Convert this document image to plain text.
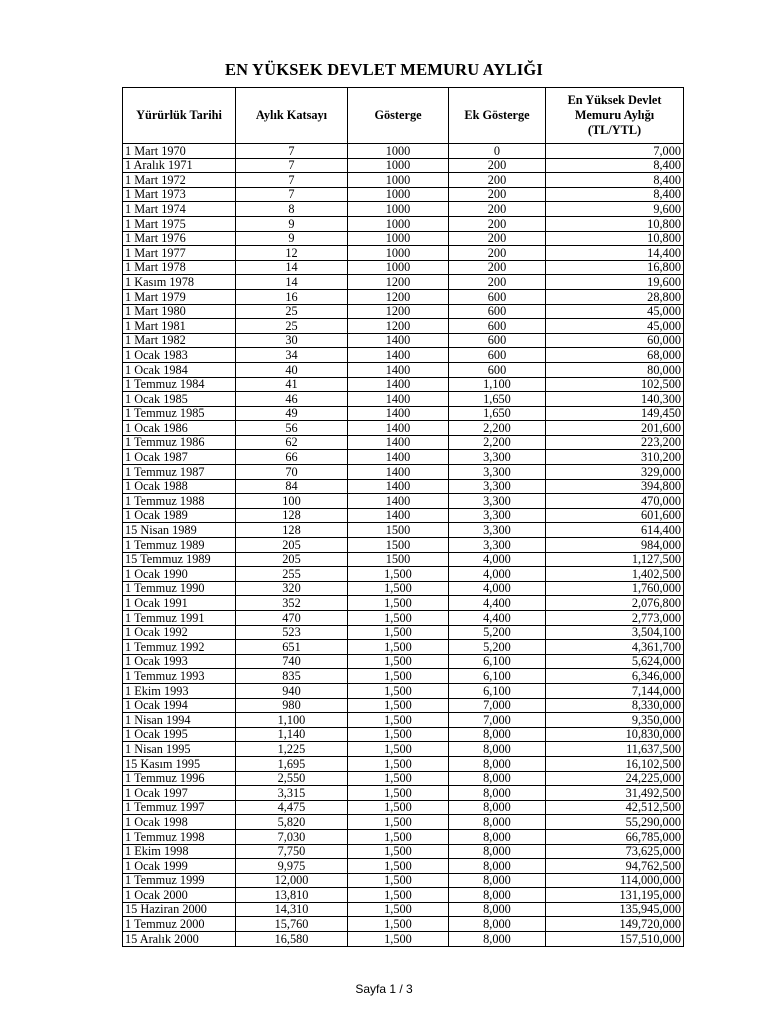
EN YÜKSEK DEVLET MEMURU AYLIĞI
Yürürlük Tarihi	Aylık Katsayı	Gösterge	Ek Gösterge	En Yüksek Devlet Memuru Aylığı (TL/YTL)
1 Mart 1970	7	1000	0	7,000
1 Aralık 1971	7	1000	200	8,400
1 Mart 1972	7	1000	200	8,400
1 Mart 1973	7	1000	200	8,400
1 Mart 1974	8	1000	200	9,600
1 Mart 1975	9	1000	200	10,800
1 Mart 1976	9	1000	200	10,800
1 Mart 1977	12	1000	200	14,400
1 Mart 1978	14	1000	200	16,800
1 Kasım 1978	14	1200	200	19,600
1 Mart 1979	16	1200	600	28,800
1 Mart 1980	25	1200	600	45,000
1 Mart 1981	25	1200	600	45,000
1 Mart 1982	30	1400	600	60,000
1 Ocak 1983	34	1400	600	68,000
1 Ocak 1984	40	1400	600	80,000
1 Temmuz 1984	41	1400	1,100	102,500
1 Ocak 1985	46	1400	1,650	140,300
1 Temmuz 1985	49	1400	1,650	149,450
1 Ocak 1986	56	1400	2,200	201,600
1 Temmuz 1986	62	1400	2,200	223,200
1 Ocak 1987	66	1400	3,300	310,200
1 Temmuz 1987	70	1400	3,300	329,000
1 Ocak 1988	84	1400	3,300	394,800
1 Temmuz 1988	100	1400	3,300	470,000
1 Ocak 1989	128	1400	3,300	601,600
15 Nisan 1989	128	1500	3,300	614,400
1 Temmuz 1989	205	1500	3,300	984,000
15 Temmuz 1989	205	1500	4,000	1,127,500
1 Ocak 1990	255	1,500	4,000	1,402,500
1 Temmuz 1990	320	1,500	4,000	1,760,000
1 Ocak 1991	352	1,500	4,400	2,076,800
1 Temmuz 1991	470	1,500	4,400	2,773,000
1 Ocak 1992	523	1,500	5,200	3,504,100
1 Temmuz 1992	651	1,500	5,200	4,361,700
1 Ocak 1993	740	1,500	6,100	5,624,000
1 Temmuz 1993	835	1,500	6,100	6,346,000
1 Ekim 1993	940	1,500	6,100	7,144,000
1 Ocak 1994	980	1,500	7,000	8,330,000
1 Nisan 1994	1,100	1,500	7,000	9,350,000
1 Ocak 1995	1,140	1,500	8,000	10,830,000
1 Nisan 1995	1,225	1,500	8,000	11,637,500
15 Kasım 1995	1,695	1,500	8,000	16,102,500
1 Temmuz 1996	2,550	1,500	8,000	24,225,000
1 Ocak 1997	3,315	1,500	8,000	31,492,500
1 Temmuz 1997	4,475	1,500	8,000	42,512,500
1 Ocak 1998	5,820	1,500	8,000	55,290,000
1 Temmuz 1998	7,030	1,500	8,000	66,785,000
1 Ekim 1998	7,750	1,500	8,000	73,625,000
1 Ocak 1999	9,975	1,500	8,000	94,762,500
1 Temmuz 1999	12,000	1,500	8,000	114,000,000
1 Ocak 2000	13,810	1,500	8,000	131,195,000
15 Haziran 2000	14,310	1,500	8,000	135,945,000
1 Temmuz 2000	15,760	1,500	8,000	149,720,000
15 Aralık 2000	16,580	1,500	8,000	157,510,000
Sayfa 1 / 3
